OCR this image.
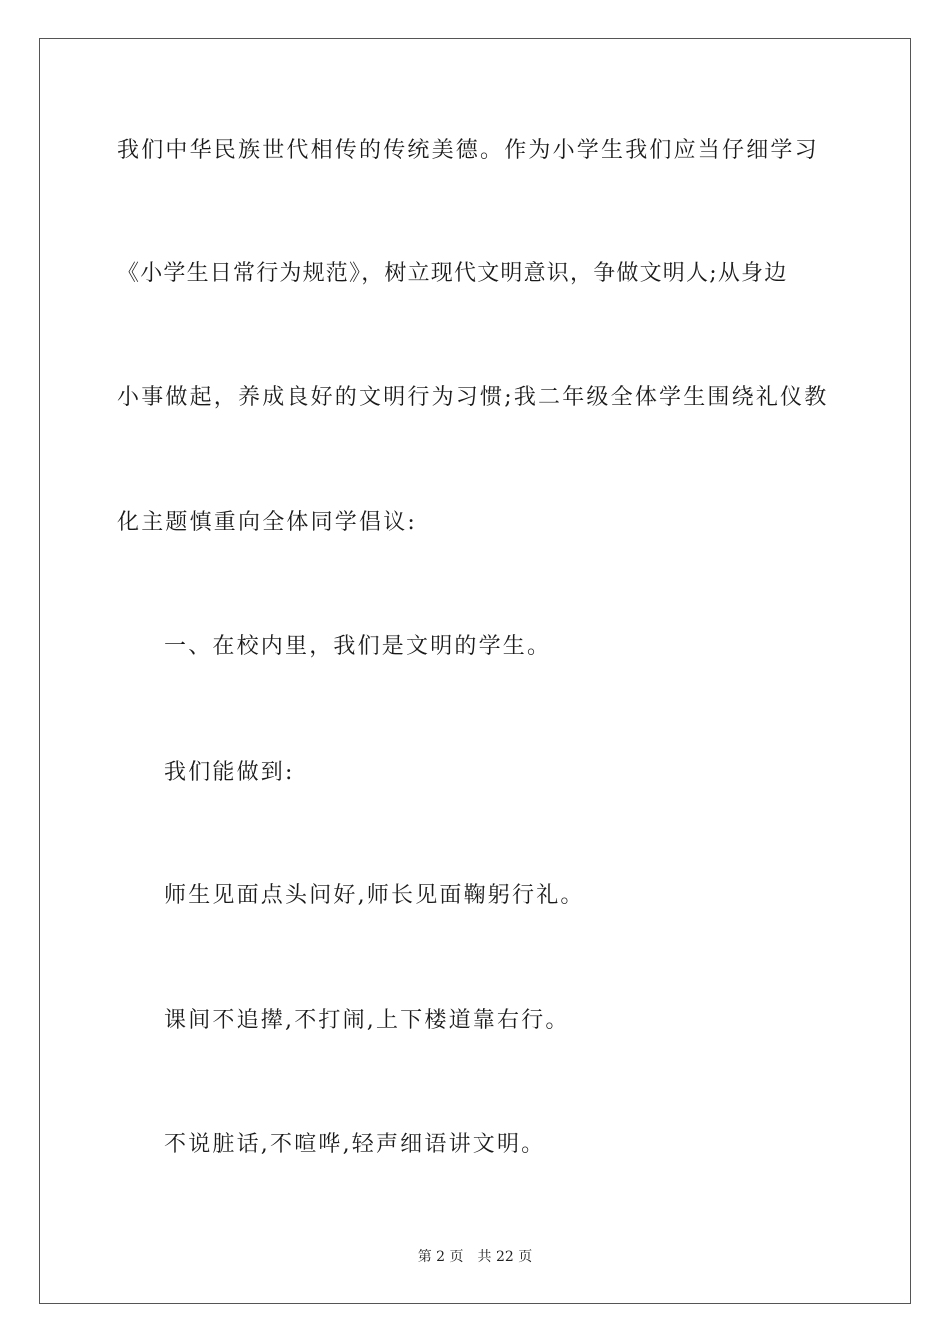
我们中华民族世代相传的传统美德。作为小学生我们应当仔细学习
《小学生日常行为规范》，树立现代文明意识，争做文明人;从身边
小事做起，养成良好的文明行为习惯;我二年级全体学生围绕礼仪教
化主题慎重向全体同学倡议:
一、在校内里，我们是文明的学生。
我们能做到:
师生见面点头问好,师长见面鞠躬行礼。
课间不追撵,不打闹,上下楼道靠右行。
不说脏话,不喧哗,轻声细语讲文明。
第 2 页 共 22 页
